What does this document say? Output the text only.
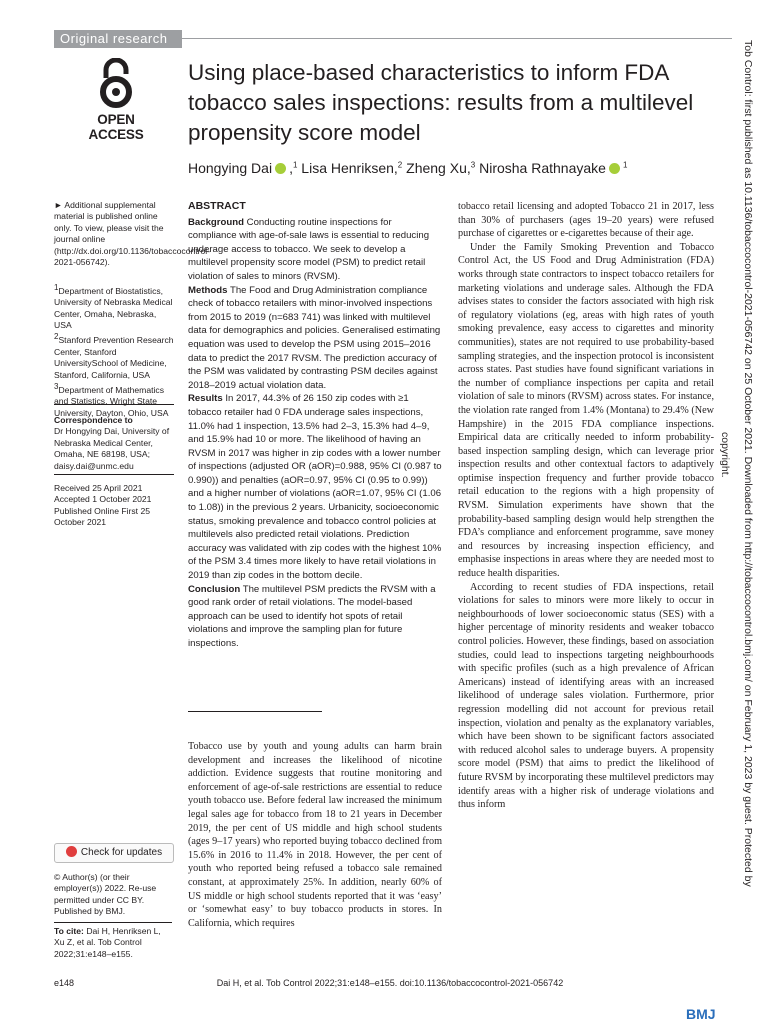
Original research
OPEN ACCESS
Using place-based characteristics to inform FDA tobacco sales inspections: results from a multilevel propensity score model
Hongying Dai ,$^1$ Lisa Henriksen,$^2$ Zheng Xu,$^3$ Nirosha Rathnayake $^1$
► Additional supplemental material is published online only. To view, please visit the journal online (http://dx.doi.org/10.1136/tobaccocontrol-2021-056742).
$^1$Department of Biostatistics, University of Nebraska Medical Center, Omaha, Nebraska, USA
$^2$Stanford Prevention Research Center, Stanford UniversitySchool of Medicine, Stanford, California, USA
$^3$Department of Mathematics and Statistics, Wright State University, Dayton, Ohio, USA
Correspondence to
Dr Hongying Dai, University of Nebraska Medical Center, Omaha, NE 68198, USA; daisy.dai@unmc.edu
Received 25 April 2021
Accepted 1 October 2021
Published Online First 25 October 2021
Check for updates
© Author(s) (or their employer(s)) 2022. Re-use permitted under CC BY. Published by BMJ.
To cite: Dai H, Henriksen L, Xu Z, et al. Tob Control 2022;31:e148–e155.
ABSTRACT

Background Conducting routine inspections for compliance with age-of-sale laws is essential to reducing underage access to tobacco. We seek to develop a multilevel propensity score model (PSM) to predict retail violation of sales to minors (RVSM).

Methods The Food and Drug Administration compliance check of tobacco retailers with minor-involved inspections from 2015 to 2019 (n=683 741) was linked with multilevel data for demographics and policies. Generalised estimating equation was used to develop the PSM using 2015–2016 data to predict the 2017 RVSM. The prediction accuracy of the PSM was validated by contrasting PSM deciles against 2018–2019 actual violation data.

Results In 2017, 44.3% of 26 150 zip codes with ≥1 tobacco retailer had 0 FDA underage sales inspections, 11.0% had 1 inspection, 13.5% had 2–3, 15.3% had 4–9, and 15.9% had 10 or more. The likelihood of having an RVSM in 2017 was higher in zip codes with a lower number of inspections (adjusted OR (aOR)=0.988, 95% CI (0.987 to 0.990)) and penalties (aOR=0.97, 95% CI (0.95 to 0.99)) and a higher number of violations (aOR=1.07, 95% CI (1.06 to 1.08)) in the previous 2 years. Urbanicity, socioeconomic status, smoking prevalence and tobacco control policies at multilevels also predicted retail violations. Prediction accuracy was validated with zip codes with the highest 10% of the PSM 3.4 times more likely to have retail violations in 2019 than zip codes in the bottom decile.

Conclusion The multilevel PSM predicts the RVSM with a good rank order of retail violations. The model-based approach can be used to identify hot spots of retail violations and improve the sampling plan for future inspections.

Tobacco use by youth and young adults can harm brain development and increases the likelihood of nicotine addiction. Evidence suggests that routine monitoring and enforcement of age-of-sale restrictions are essential to reduce youth tobacco use. Before federal law increased the minimum legal sales age for tobacco from 18 to 21 years in December 2019, the per cent of US middle and high school students (ages 9–17 years) who reported buying tobacco declined from 15.6% in 2016 to 11.4% in 2018. However, the per cent of youth who reported being refused a tobacco sale remained constant, at approximately 25%. In addition, nearly 60% of US middle or high school students reported that it was ‘easy’ or ‘somewhat easy’ to buy tobacco products in stores. In California, which requires

tobacco retail licensing and adopted Tobacco 21 in 2017, less than 30% of purchasers (ages 19–20 years) were refused purchase of cigarettes or e-cigarettes because of their age.

Under the Family Smoking Prevention and Tobacco Control Act, the US Food and Drug Administration (FDA) works through state contractors to inspect tobacco retailers for marketing violations and underage sales. Although the FDA advises states to consider the factors associated with high risk of regulatory violations (eg, areas with high rates of youth smoking prevalence, easy access to cigarettes and minority communities), states are not required to use probability-based sampling strategies, and the inspection protocol is inconsistent across states. Past studies have found significant variations in the number of compliance inspections per capita and retail violation of sale to minors (RVSM) across states. For instance, the violation rate ranged from 1.4% (Montana) to 29.4% (New Hampshire) in the 2015 FDA compliance inspections. Empirical data are critically needed to inform probability-based inspection sampling design, which can leverage prior inspection results and other contextual factors to adaptively optimise inspection frequency and further provide tobacco retail education to the regions with a high propensity of RVSM. Simulation experiments have shown that the probability-based sampling design would help strengthen the FDA’s compliance and enforcement programme, save money and resources by increasing inspection efficiency, and emphasise inspections in areas where they are needed most to reduce health disparities.

According to recent studies of FDA inspections, retail violations for sales to minors were more likely to occur in neighbourhoods of lower socioeconomic status (SES) with a higher percentage of minority residents and weaker tobacco control policies. However, these findings, based on association studies, could lead to inspections targeting neighbourhoods with specific profiles (such as a high prevalence of African Americans) instead of identifying areas with an increased likelihood of underage sales violation. Furthermore, prior regression modelling did not account for previous retail inspection, violation and penalty as the explanatory variables, which have been shown to be significant factors associated with reduced alcohol sales to underage buyers. A propensity score model (PSM) that aims to predict the likelihood of future RVSM by incorporating these multilevel predictors may identify areas with a higher risk of underage violations and thus inform

e148	Dai H, et al. Tob Control 2022;31:e148–e155. doi:10.1136/tobaccocontrol-2021-056742
BMJ
Tob Control: first published as 10.1136/tobaccocontrol-2021-056742 on 25 October 2021. Downloaded from http://tobaccocontrol.bmj.com/ on February 1, 2023 by guest. Protected by
copyright.
